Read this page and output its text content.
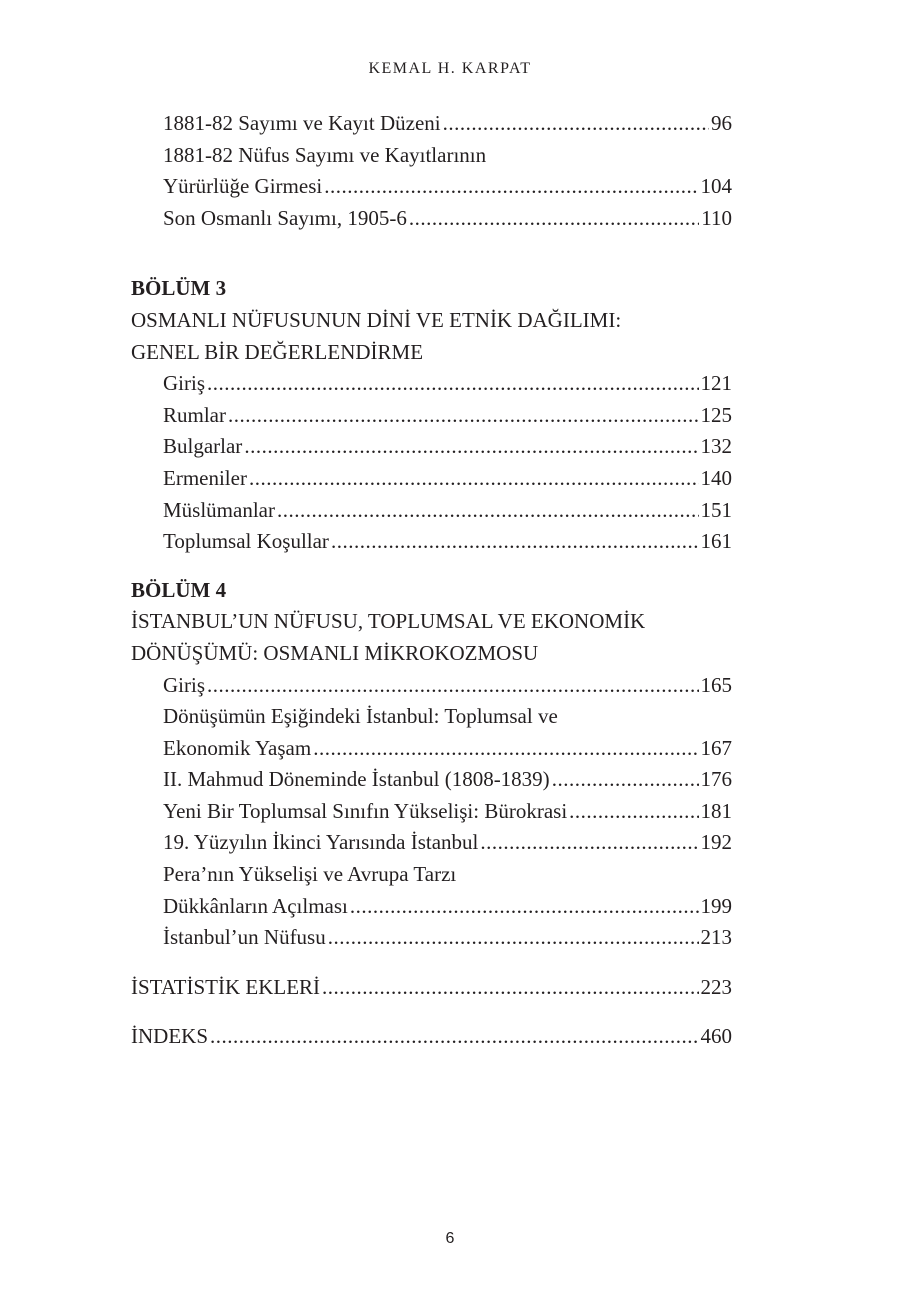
KEMAL H. KARPAT
1881-82 Sayımı ve Kayıt Düzeni .....	96
1881-82 Nüfus Sayımı ve Kayıtlarının
Yürürlüğe Girmesi .....	104
Son Osmanlı Sayımı, 1905-6 .....	110
BÖLÜM 3
OSMANLI NÜFUSUNUN DİNİ VE ETNİK DAĞILIMI:
GENEL BİR DEĞERLENDİRME
Giriş .....	121
Rumlar .....	125
Bulgarlar .....	132
Ermeniler .....	140
Müslümanlar .....	151
Toplumsal Koşullar .....	161
BÖLÜM 4
İSTANBUL’UN NÜFUSU, TOPLUMSAL VE EKONOMİK
DÖNÜŞÜMÜ: OSMANLI MİKROKOZMOSU
Giriş .....	165
Dönüşümün Eşiğindeki İstanbul: Toplumsal ve
Ekonomik Yaşam .....	167
II. Mahmud Döneminde İstanbul (1808-1839) .....	176
Yeni Bir Toplumsal Sınıfın Yükselişi: Bürokrasi .....	181
19. Yüzyılın İkinci Yarısında İstanbul .....	192
Pera’nın Yükselişi ve Avrupa Tarzı
Dükkânların Açılması .....	199
İstanbul’un Nüfusu .....	213
İSTATİSTİK EKLERİ .....	223
İNDEKS .....	460
6
